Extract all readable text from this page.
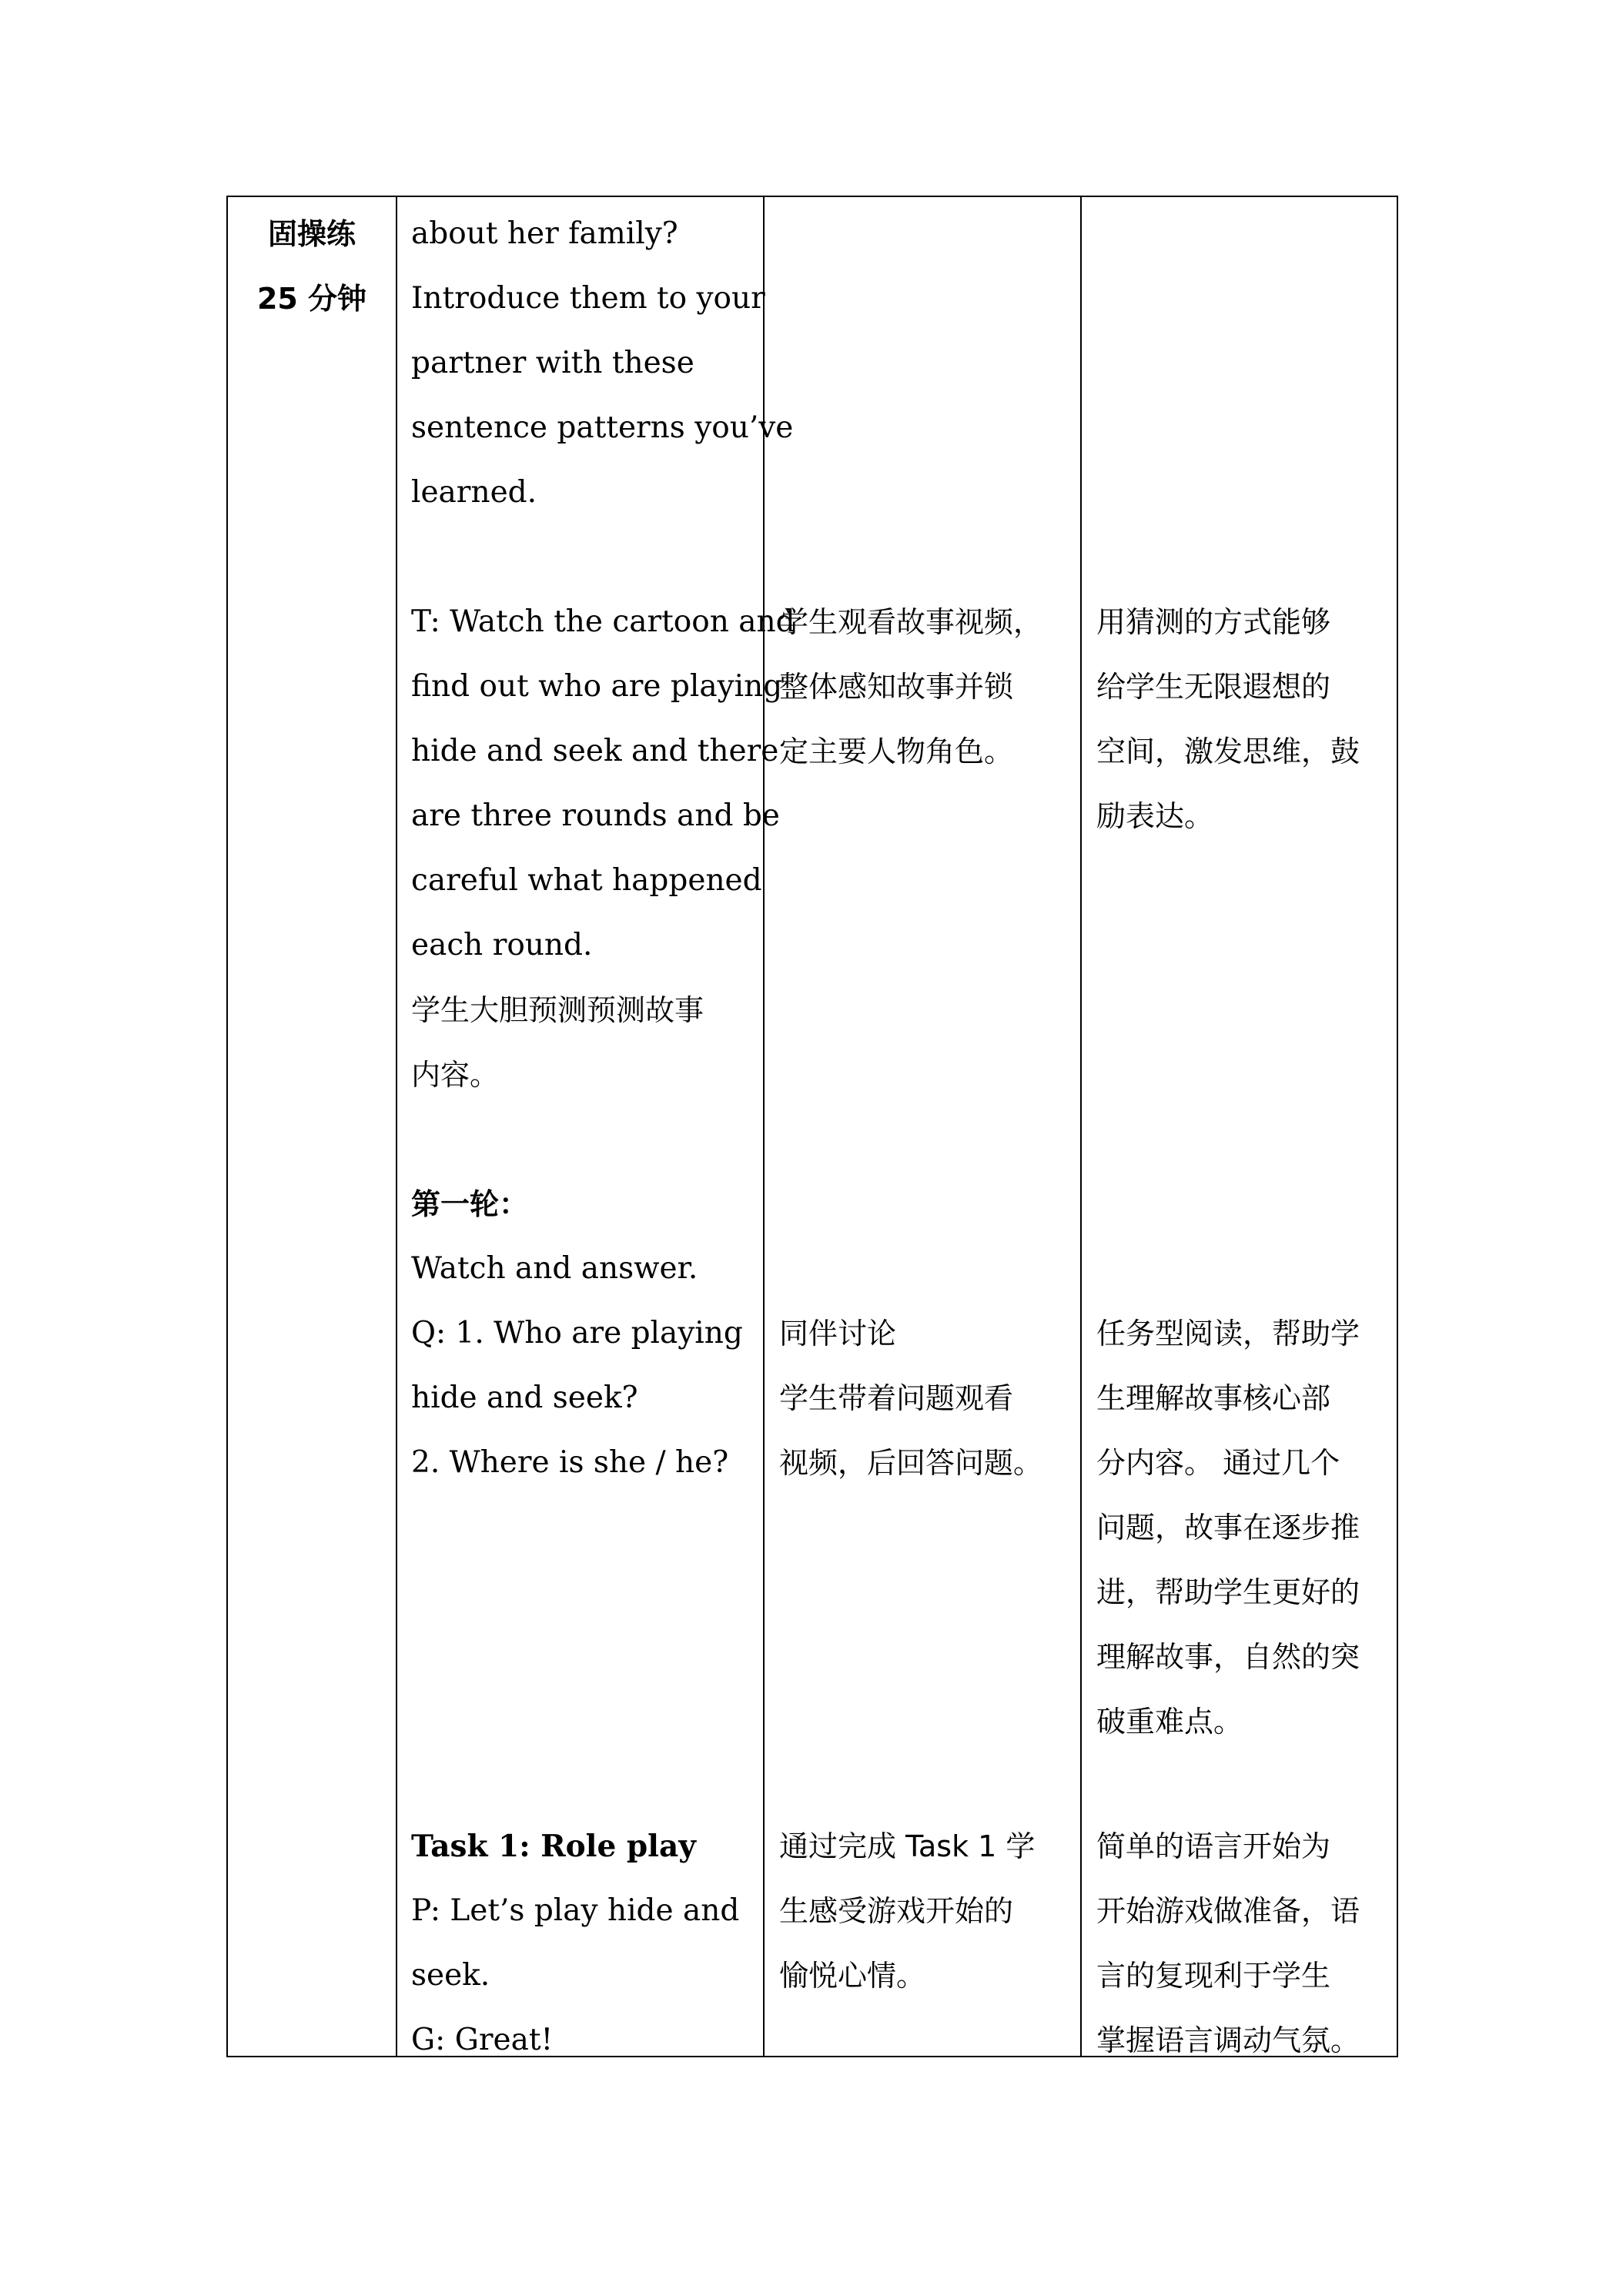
固操练
25 分钟
about her family?
Introduce them to your
partner with these
sentence patterns you’ve
learned.
T: Watch the cartoon and
find out who are playing
hide and seek and there
are three rounds and be
careful what happened
each round.
学生大胆预测预测故事
内容。
第一轮：
Watch and answer.
Q: 1. Who are playing
hide and seek?
2. Where is she / he?
Task 1: Role play
P: Let’s play hide and
seek.
G: Great!
学生观看故事视频，
整体感知故事并锁
定主要人物角色。
同伴讨论
学生带着问题观看
视频，后回答问题。
通过完成 Task 1 学
生感受游戏开始的
愉悦心情。
用猜测的方式能够
给学生无限遐想的
空间，激发思维，鼓
励表达。
任务型阅读，帮助学
生理解故事核心部
分内容。 通过几个
问题，故事在逐步推
进，帮助学生更好的
理解故事，自然的突
破重难点。
简单的语言开始为
开始游戏做准备，语
言的复现利于学生
掌握语言调动气氛。
